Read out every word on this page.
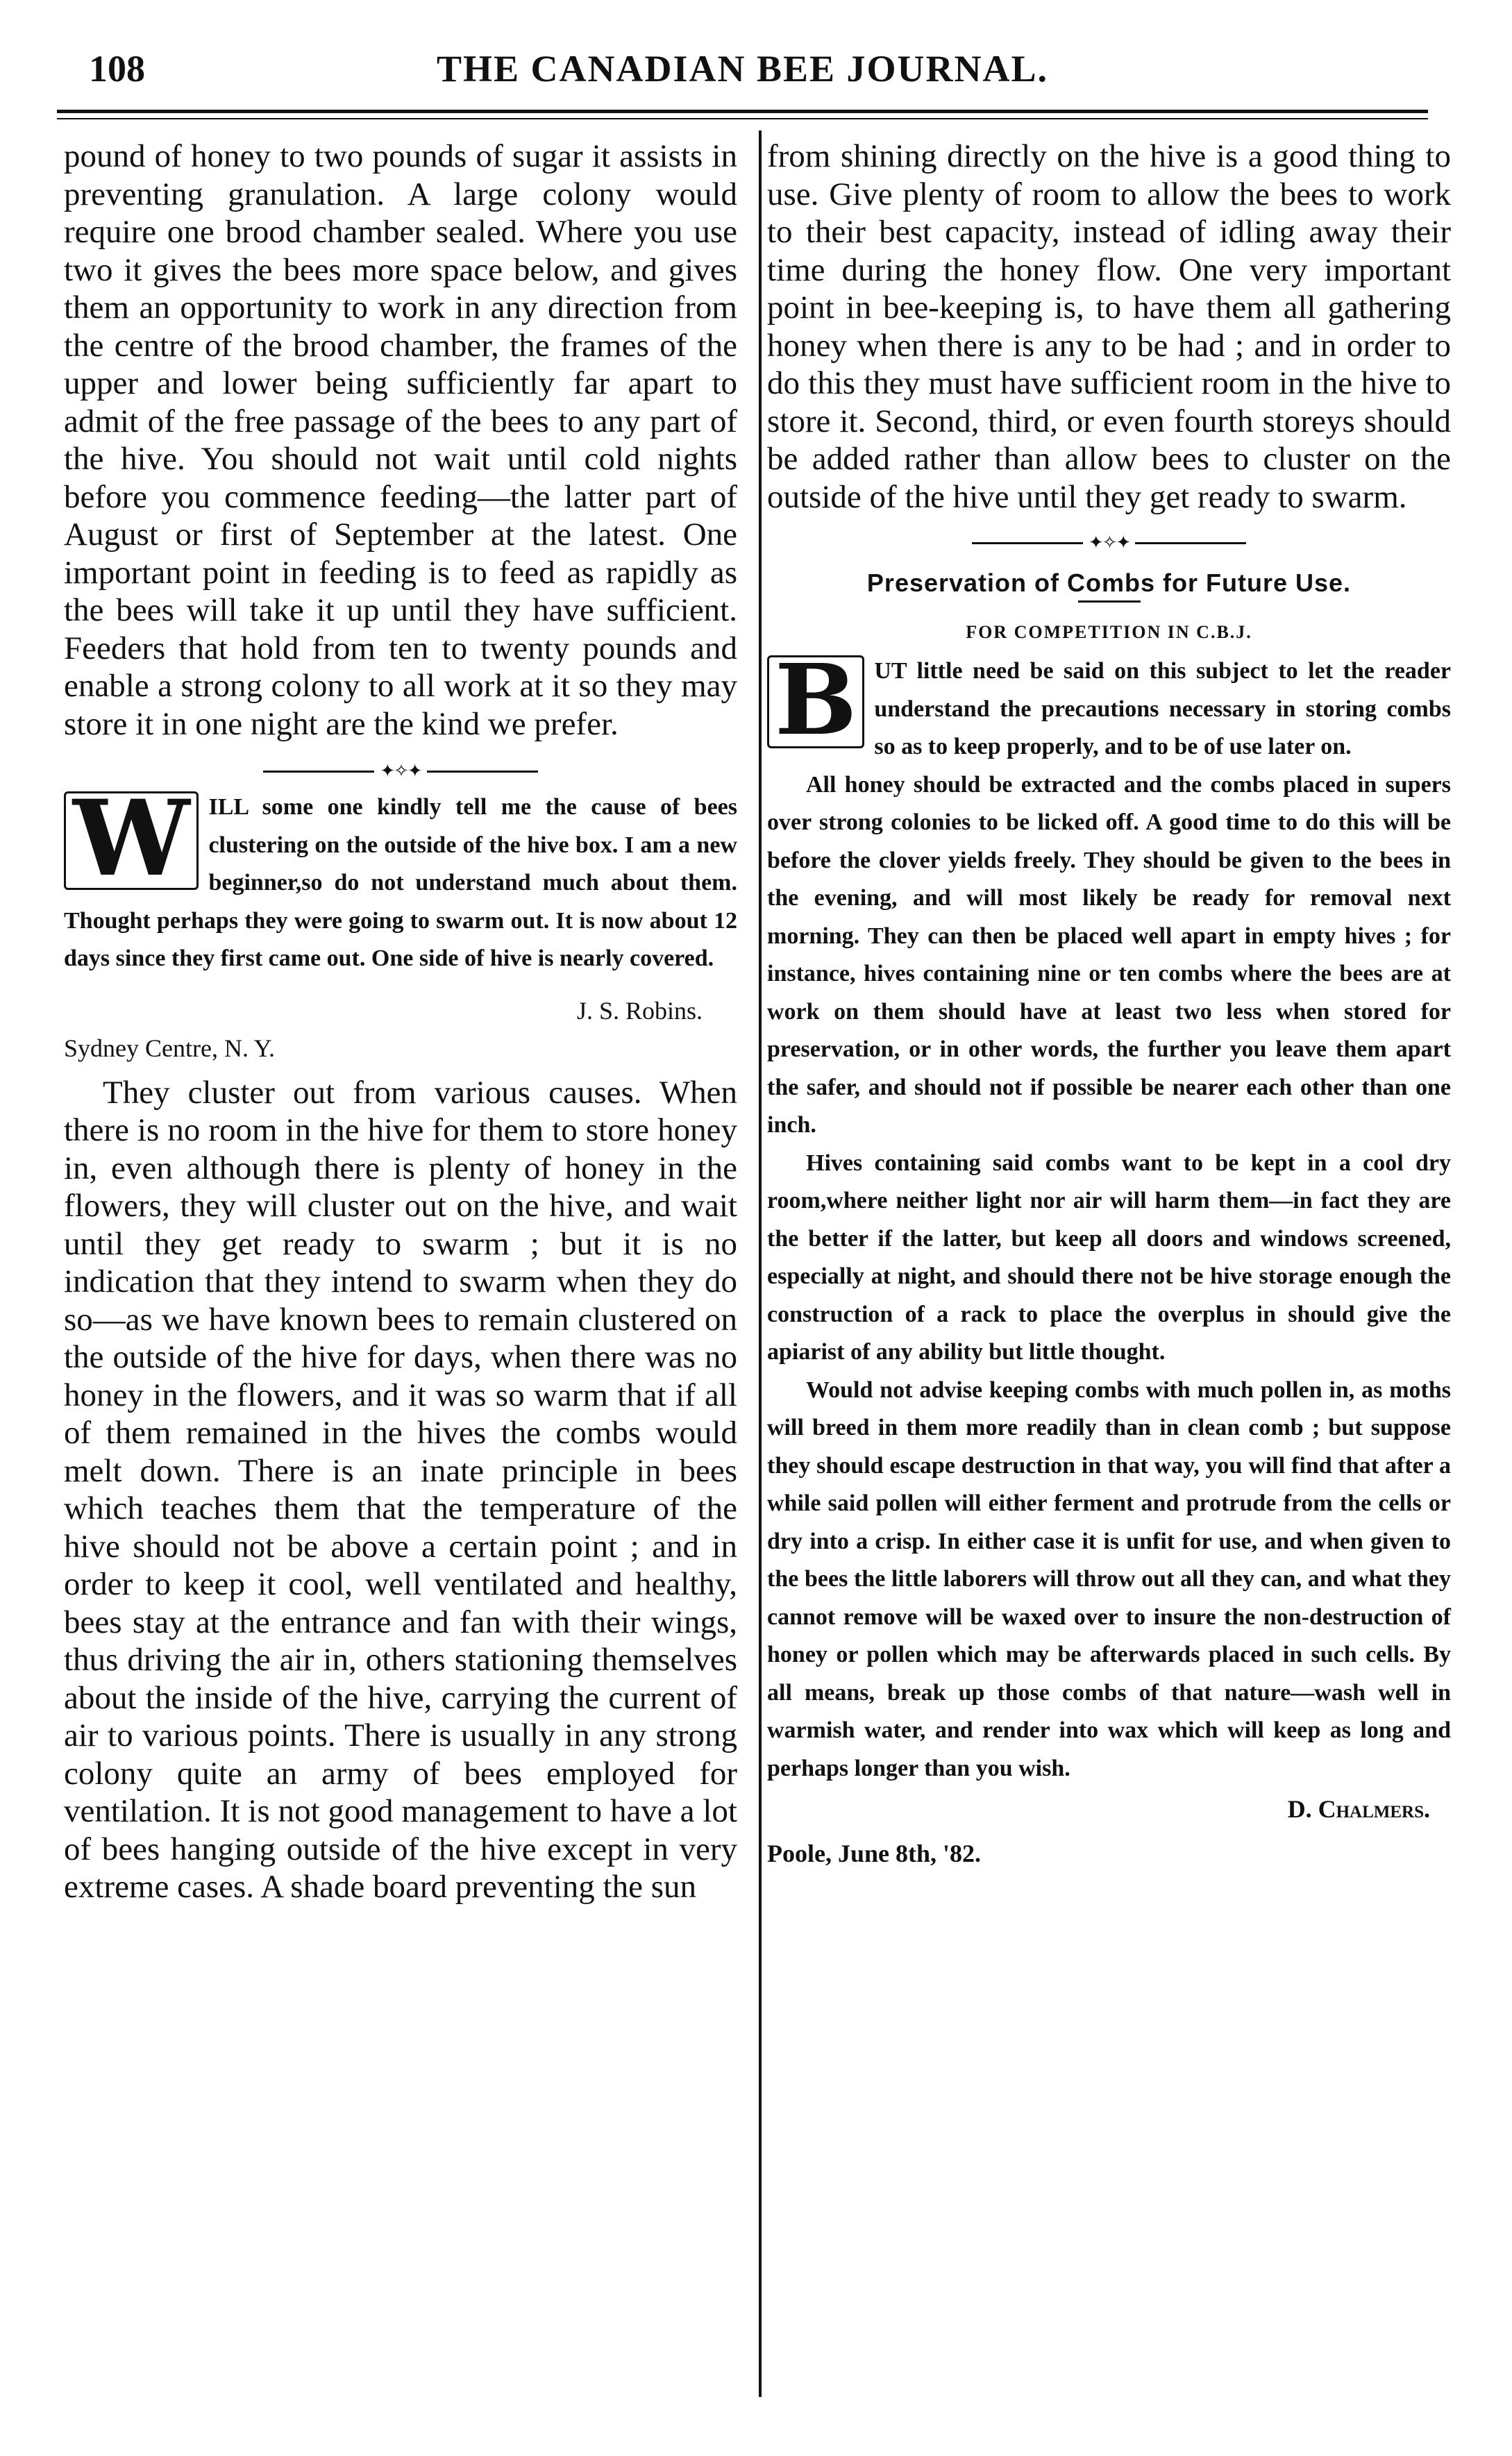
108	THE CANADIAN BEE JOURNAL.

pound of honey to two pounds of sugar it assists in preventing granulation. A large colony would require one brood chamber sealed. Where you use two it gives the bees more space below, and gives them an opportunity to work in any direction from the centre of the brood chamber, the frames of the upper and lower being sufficiently far apart to admit of the free passage of the bees to any part of the hive. You should not wait until cold nights before you commence feeding—the latter part of August or first of September at the latest. One important point in feeding is to feed as rapidly as the bees will take it up until they have sufficient. Feeders that hold from ten to twenty pounds and enable a strong colony to all work at it so they may store it in one night are the kind we prefer.

✦✧✦
W ILL some one kindly tell me the cause of bees clustering on the outside of the hive box. I am a new beginner,so do not understand much about them. Thought perhaps they were going to swarm out. It is now about 12 days since they first came out. One side of hive is nearly covered.

J. S. Robins.

Sydney Centre, N. Y.

They cluster out from various causes. When there is no room in the hive for them to store honey in, even although there is plenty of honey in the flowers, they will cluster out on the hive, and wait until they get ready to swarm ; but it is no indication that they intend to swarm when they do so—as we have known bees to remain clustered on the outside of the hive for days, when there was no honey in the flowers, and it was so warm that if all of them remained in the hives the combs would melt down. There is an inate principle in bees which teaches them that the temperature of the hive should not be above a certain point ; and in order to keep it cool, well ventilated and healthy, bees stay at the entrance and fan with their wings, thus driving the air in, others stationing themselves about the inside of the hive, carrying the current of air to various points. There is usually in any strong colony quite an army of bees employed for ventilation. It is not good management to have a lot of bees hanging outside of the hive except in very extreme cases. A shade board preventing the sun

from shining directly on the hive is a good thing to use. Give plenty of room to allow the bees to work to their best capacity, instead of idling away their time during the honey flow. One very important point in bee-keeping is, to have them all gathering honey when there is any to be had ; and in order to do this they must have sufficient room in the hive to store it. Second, third, or even fourth storeys should be added rather than allow bees to cluster on the outside of the hive until they get ready to swarm.

✦✧✦
Preservation of Combs for Future Use.
FOR COMPETITION IN C.B.J.
B UT little need be said on this subject to let the reader understand the precautions necessary in storing combs so as to keep properly, and to be of use later on.

All honey should be extracted and the combs placed in supers over strong colonies to be licked off. A good time to do this will be before the clover yields freely. They should be given to the bees in the evening, and will most likely be ready for removal next morning. They can then be placed well apart in empty hives ; for instance, hives containing nine or ten combs where the bees are at work on them should have at least two less when stored for preservation, or in other words, the further you leave them apart the safer, and should not if possible be nearer each other than one inch.

Hives containing said combs want to be kept in a cool dry room,where neither light nor air will harm them—in fact they are the better if the latter, but keep all doors and windows screened, especially at night, and should there not be hive storage enough the construction of a rack to place the overplus in should give the apiarist of any ability but little thought.

Would not advise keeping combs with much pollen in, as moths will breed in them more readily than in clean comb ; but suppose they should escape destruction in that way, you will find that after a while said pollen will either ferment and protrude from the cells or dry into a crisp. In either case it is unfit for use, and when given to the bees the little laborers will throw out all they can, and what they cannot remove will be waxed over to insure the non-destruction of honey or pollen which may be afterwards placed in such cells. By all means, break up those combs of that nature—wash well in warmish water, and render into wax which will keep as long and perhaps longer than you wish.

D. Chalmers.

Poole, June 8th, '82.
